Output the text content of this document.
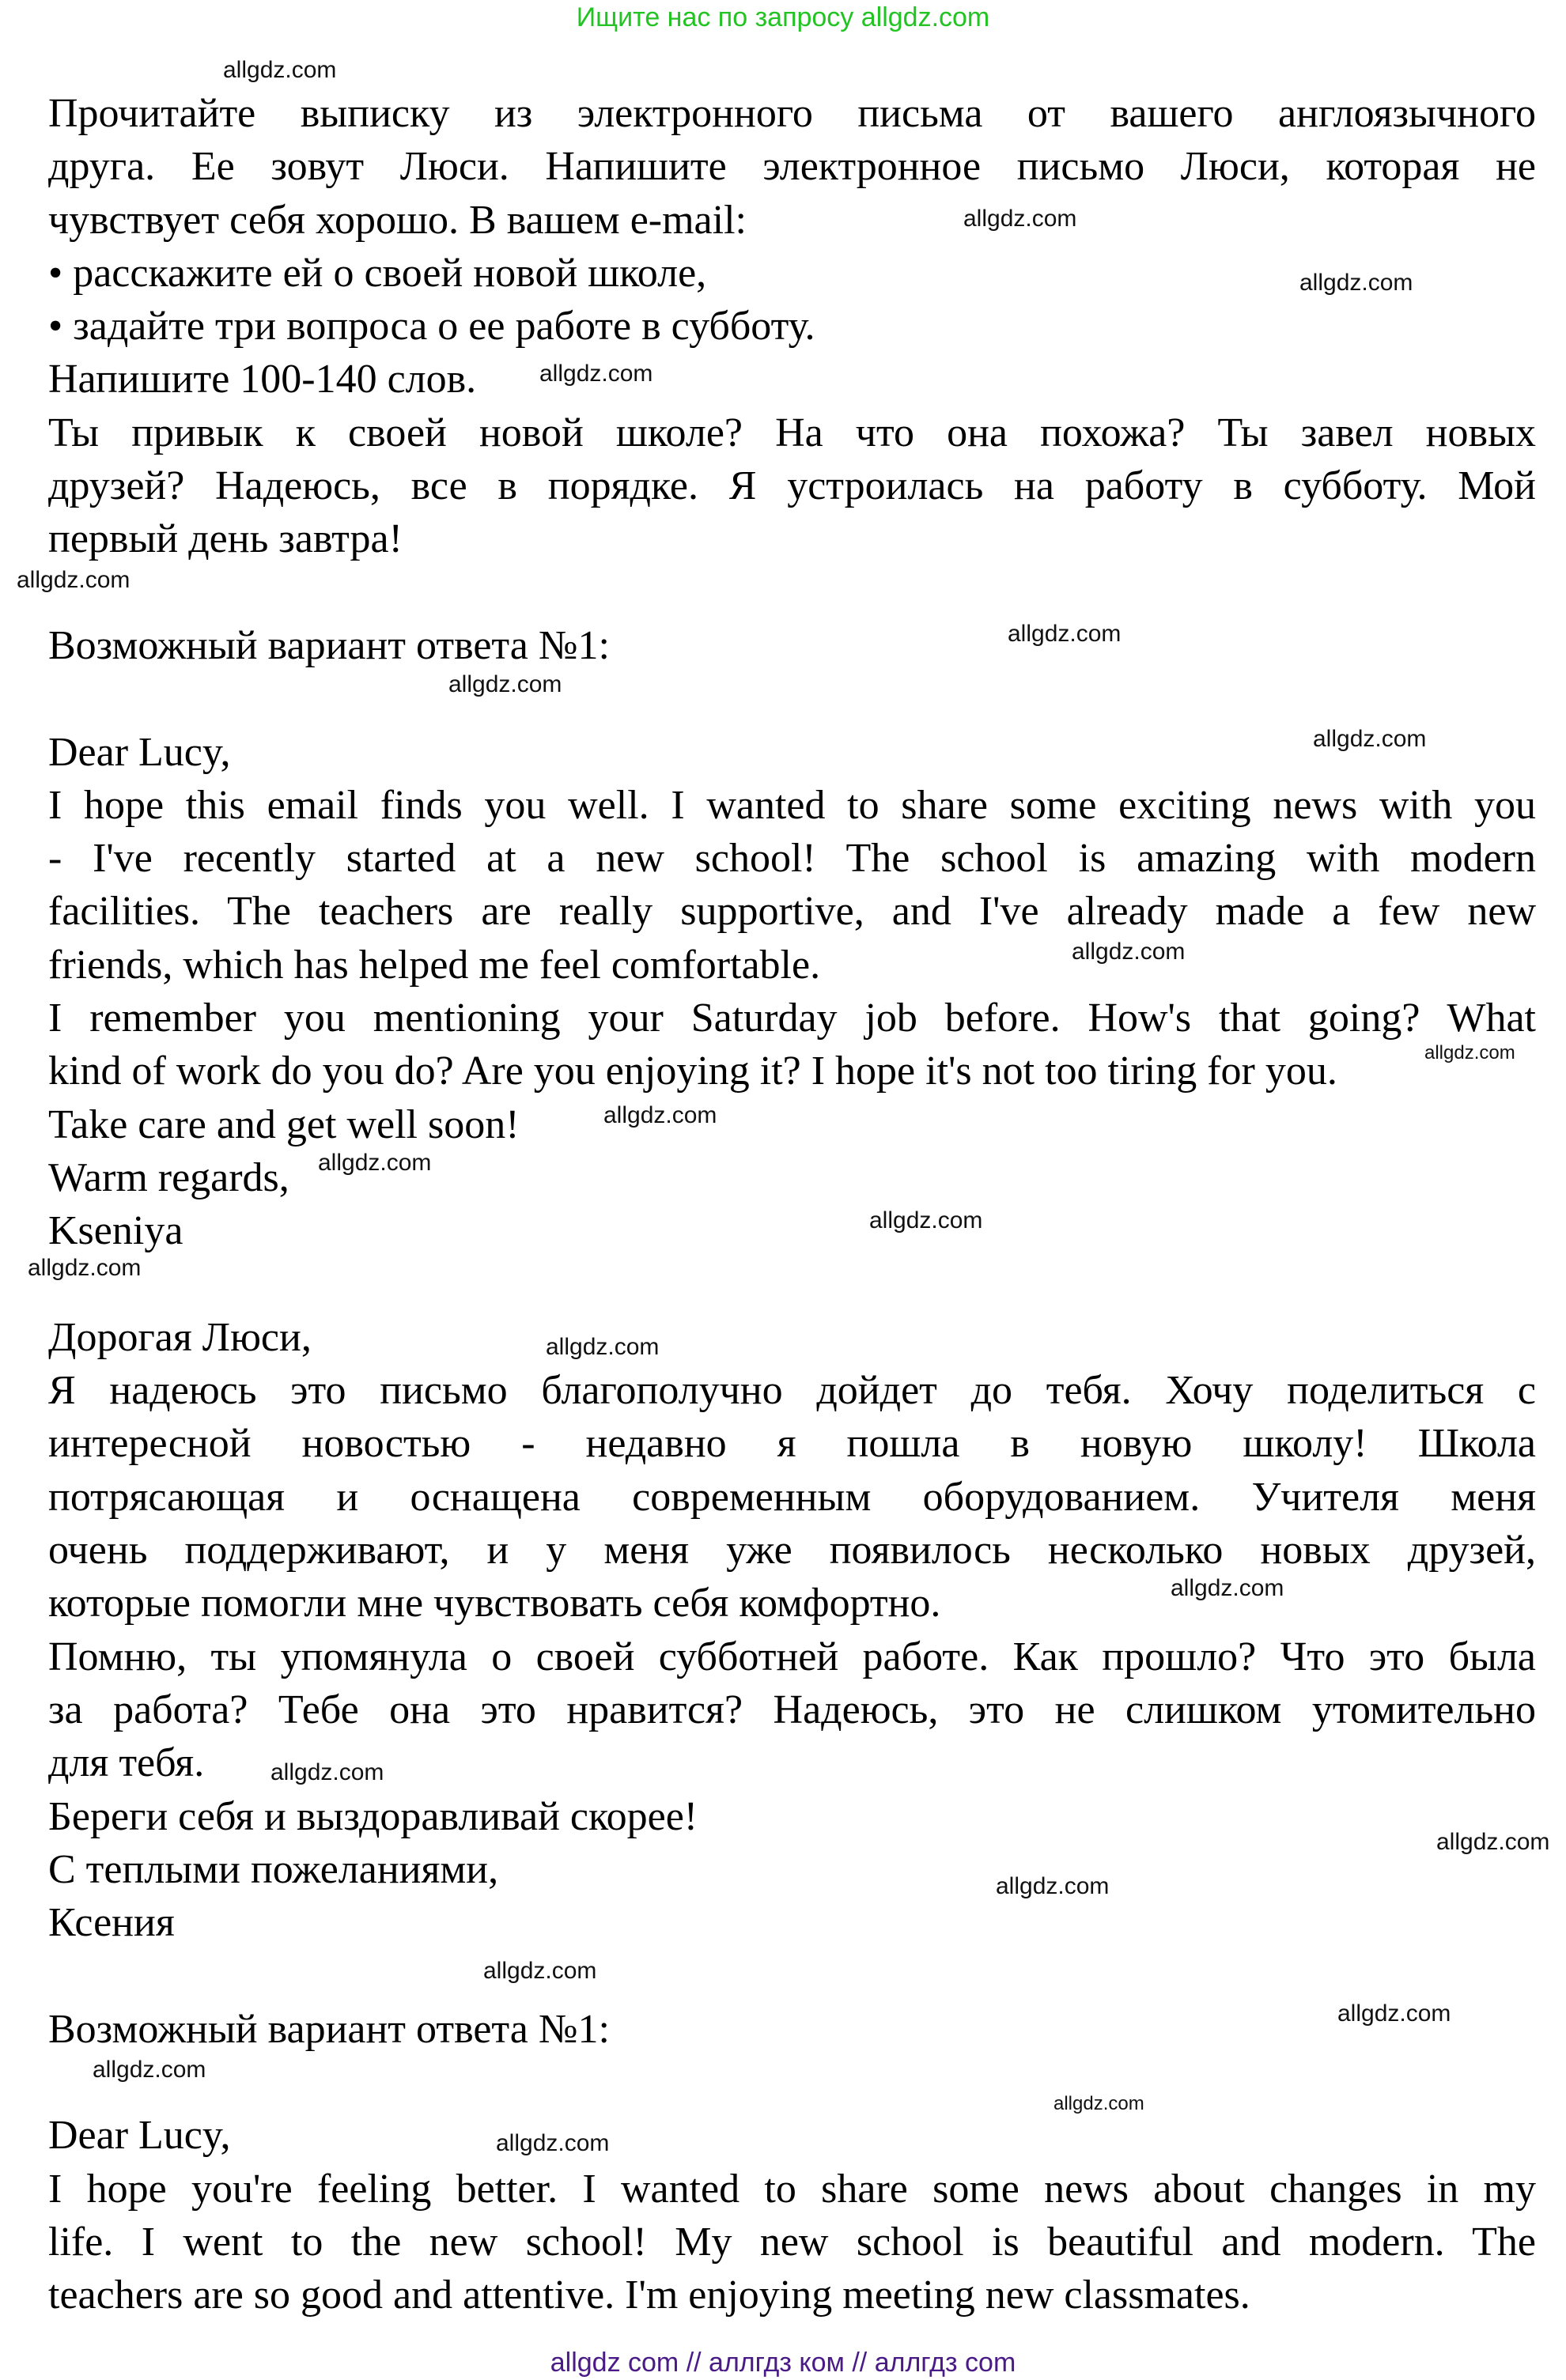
Ищите нас по запросу allgdz.com
Прочитайте выписку из электронного письма от вашего англоязычного
друга. Ее зовут Люси. Напишите электронное письмо Люси, которая не
чувствует себя хорошо. В вашем e-mail:
• расскажите ей о своей новой школе,
• задайте три вопроса о ее работе в субботу.
Напишите 100-140 слов.
Ты привык к своей новой школе? На что она похожа? Ты завел новых
друзей? Надеюсь, все в порядке. Я устроилась на работу в субботу. Мой
первый день завтра!
Возможный вариант ответа №1:
Dear Lucy,
I hope this email finds you well. I wanted to share some exciting news with you
- I've recently started at a new school! The school is amazing with modern
facilities. The teachers are really supportive, and I've already made a few new
friends, which has helped me feel comfortable.
I remember you mentioning your Saturday job before. How's that going? What
kind of work do you do? Are you enjoying it? I hope it's not too tiring for you.
Take care and get well soon!
Warm regards,
Kseniya
Дорогая Люси,
Я надеюсь это письмо благополучно дойдет до тебя. Хочу поделиться с
интересной новостью - недавно я пошла в новую школу! Школа
потрясающая и оснащена современным оборудованием. Учителя меня
очень поддерживают, и у меня уже появилось несколько новых друзей,
которые помогли мне чувствовать себя комфортно.
Помню, ты упомянула о своей субботней работе. Как прошло? Что это была
за работа? Тебе она это нравится? Надеюсь, это не слишком утомительно
для тебя.
Береги себя и выздоравливай скорее!
С теплыми пожеланиями,
Ксения
Возможный вариант ответа №1:
Dear Lucy,
I hope you're feeling better. I wanted to share some news about changes in my
life. I went to the new school! My new school is beautiful and modern. The
teachers are so good and attentive. I'm enjoying meeting new classmates.
allgdz.com
allgdz.com
allgdz.com
allgdz.com
allgdz.com
allgdz.com
allgdz.com
allgdz.com
allgdz.com
allgdz.com
allgdz.com
allgdz.com
allgdz.com
allgdz.com
allgdz.com
allgdz.com
allgdz.com
allgdz.com
allgdz.com
allgdz.com
allgdz.com
allgdz.com
allgdz.com
allgdz.com
allgdz com // аллгдз ком // аллгдз com
